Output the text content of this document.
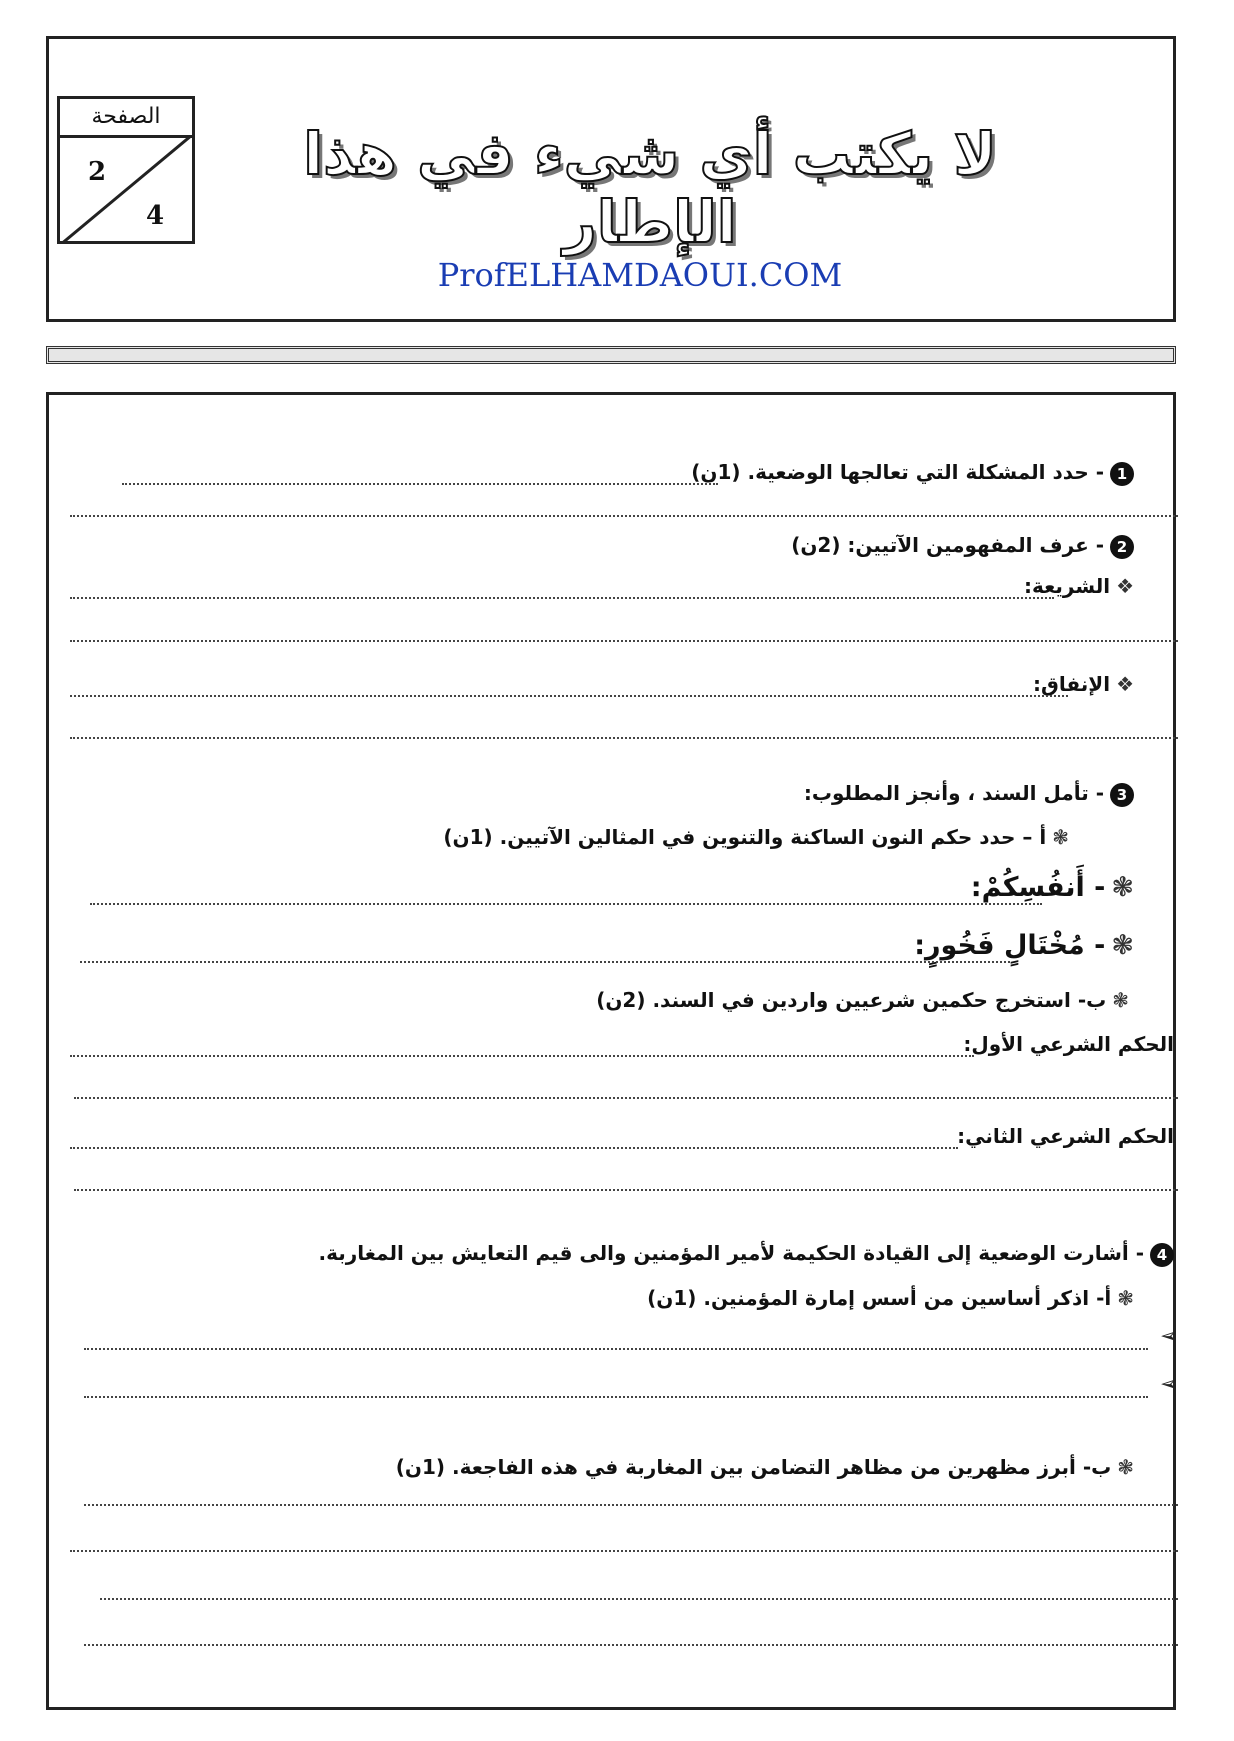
الصفحة
2
4
لا يكتب أي شيء في هذا الإطار
ProfELHAMDAOUI.COM
1- حدد المشكلة التي تعالجها الوضعية. (1ن)
2- عرف المفهومين الآتيين: (2ن)
❖الشريعة:
❖الإنفاق:
3- تأمل السند ، وأنجز المطلوب:
❃أ – حدد حكم النون الساكنة والتنوين في المثالين الآتيين. (1ن)
❃- أَنفُسِكُمْ:
❃- مُخْتَالٍ فَخُورٍ:
❃ب- استخرج حكمين شرعيين واردين في السند. (2ن)
الحكم الشرعي الأول:
الحكم الشرعي الثاني:
4- أشارت الوضعية إلى القيادة الحكيمة لأمير المؤمنين والى قيم التعايش بين المغاربة.
❃أ- اذكر أساسين من أسس إمارة المؤمنين. (1ن)
➢
➢
❃ب- أبرز مظهرين من مظاهر التضامن بين المغاربة في هذه الفاجعة. (1ن)
